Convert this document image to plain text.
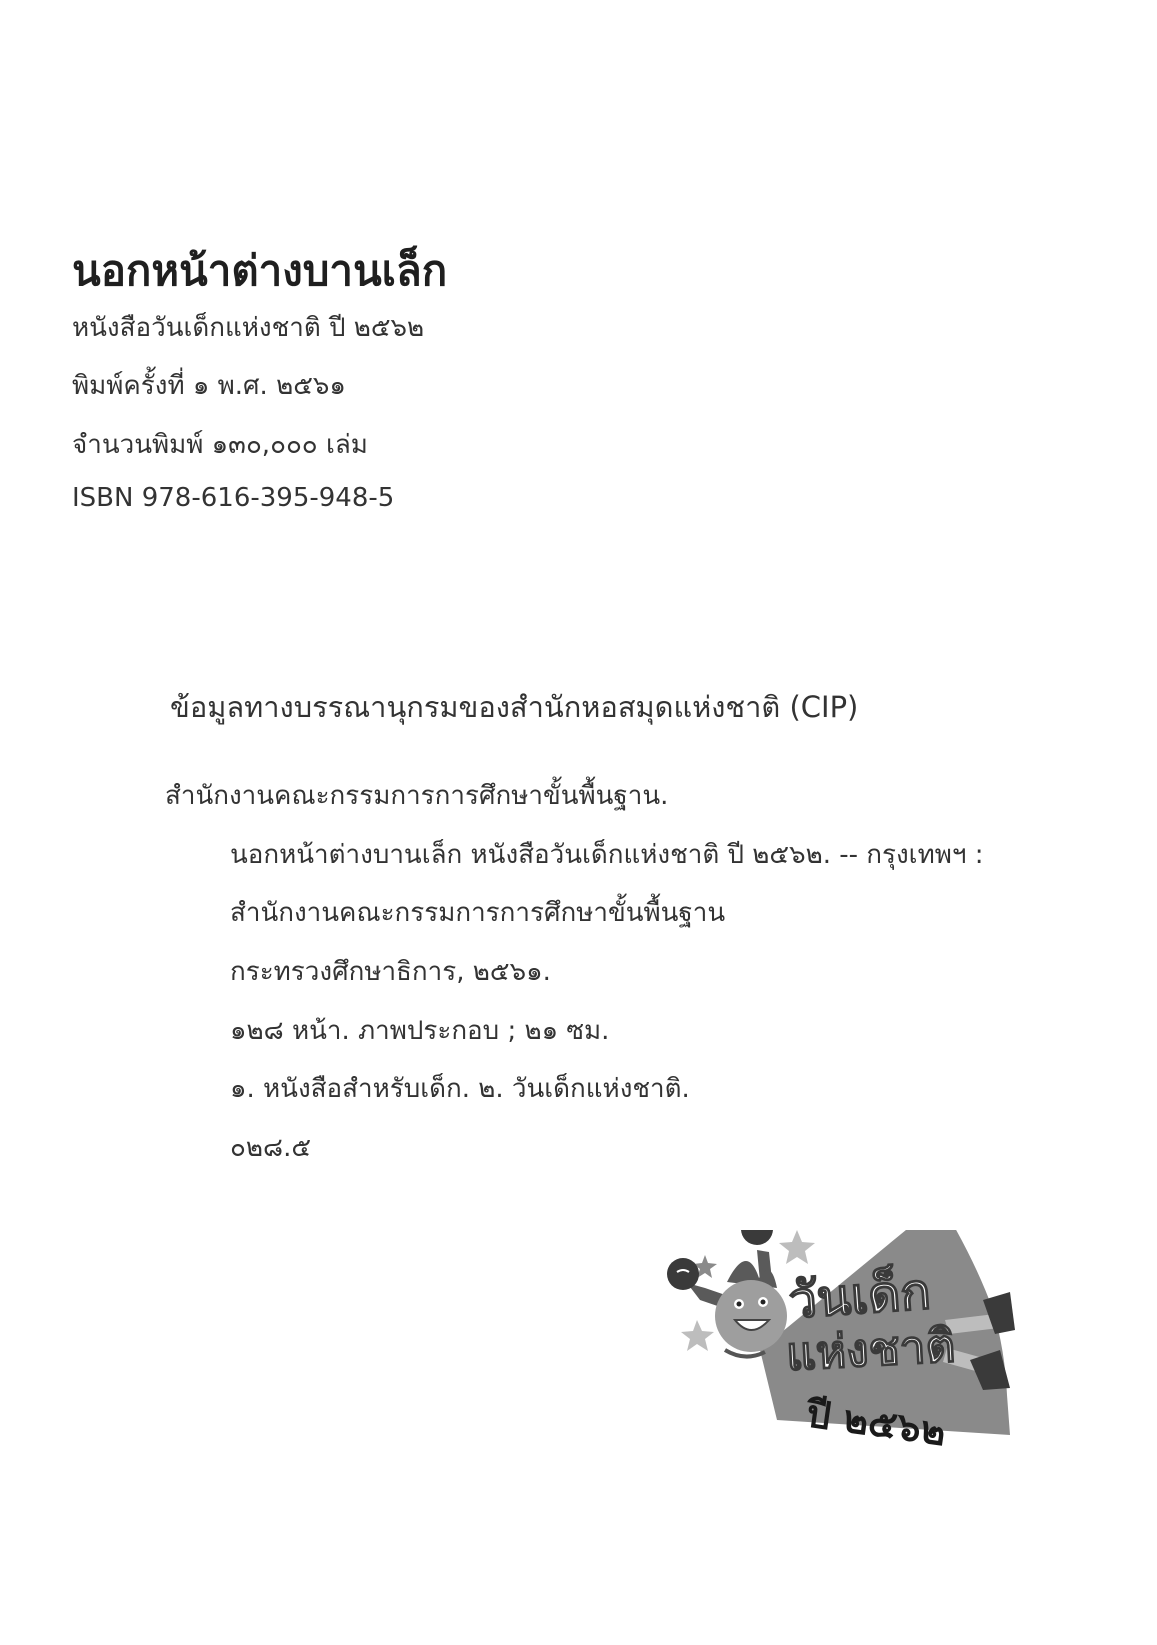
นอกหน้าต่างบานเล็ก
หนังสือวันเด็กแห่งชาติ ปี ๒๕๖๒
พิมพ์ครั้งที่ ๑ พ.ศ. ๒๕๖๑
จำนวนพิมพ์ ๑๓๐,๐๐๐ เล่ม
ISBN 978-616-395-948-5
ข้อมูลทางบรรณานุกรมของสำนักหอสมุดแห่งชาติ (CIP)
สำนักงานคณะกรรมการการศึกษาขั้นพื้นฐาน.
นอกหน้าต่างบานเล็ก หนังสือวันเด็กแห่งชาติ ปี ๒๕๖๒. -- กรุงเทพฯ :
สำนักงานคณะกรรมการการศึกษาขั้นพื้นฐาน
กระทรวงศึกษาธิการ, ๒๕๖๑.
๑๒๘ หน้า. ภาพประกอบ ; ๒๑ ซม.
๑. หนังสือสำหรับเด็ก. ๒. วันเด็กแห่งชาติ.
๐๒๘.๕
วันเด็ก
แห่งชาติ
ปี ๒๕๖๒
